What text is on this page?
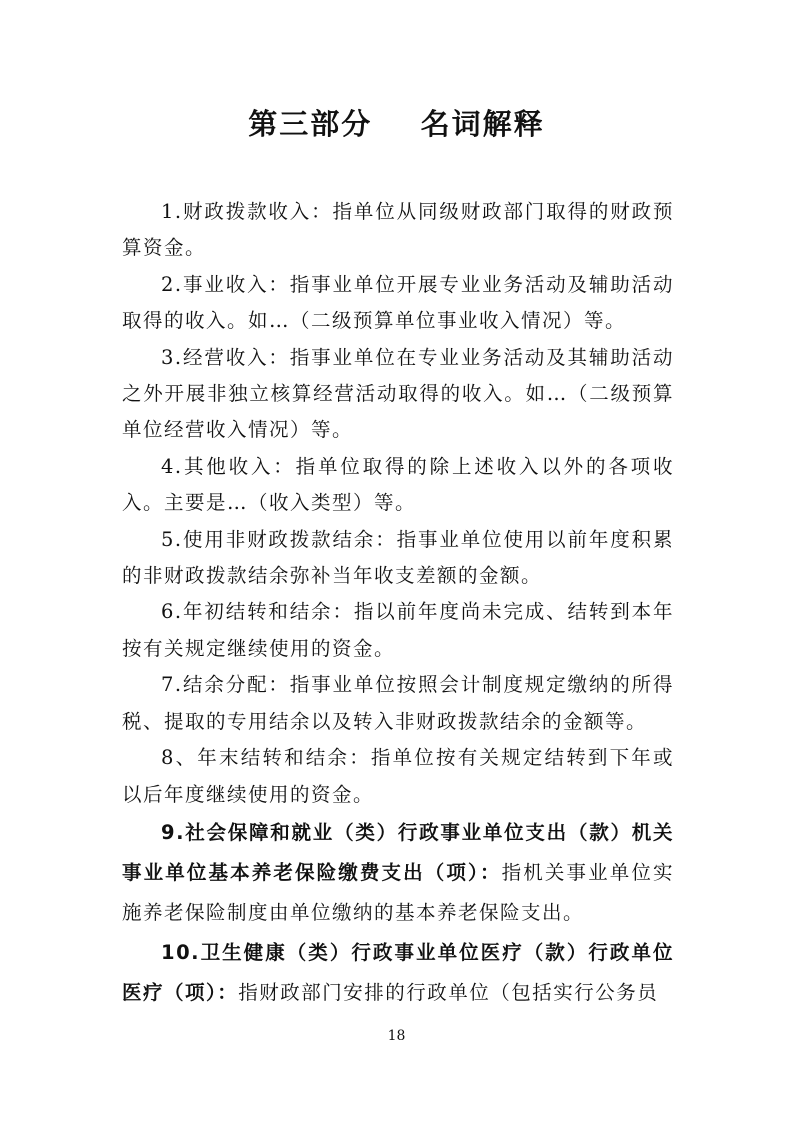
第三部分    名词解释

1.财政拨款收入：指单位从同级财政部门取得的财政预算资金。

2.事业收入：指事业单位开展专业业务活动及辅助活动取得的收入。如…（二级预算单位事业收入情况）等。

3.经营收入：指事业单位在专业业务活动及其辅助活动之外开展非独立核算经营活动取得的收入。如…（二级预算单位经营收入情况）等。

4.其他收入：指单位取得的除上述收入以外的各项收入。主要是…（收入类型）等。

5.使用非财政拨款结余：指事业单位使用以前年度积累的非财政拨款结余弥补当年收支差额的金额。

6.年初结转和结余：指以前年度尚未完成、结转到本年按有关规定继续使用的资金。

7.结余分配：指事业单位按照会计制度规定缴纳的所得税、提取的专用结余以及转入非财政拨款结余的金额等。

8、年末结转和结余：指单位按有关规定结转到下年或以后年度继续使用的资金。

9.社会保障和就业（类）行政事业单位支出（款）机关事业单位基本养老保险缴费支出（项）：指机关事业单位实施养老保险制度由单位缴纳的基本养老保险支出。

10.卫生健康（类）行政事业单位医疗（款）行政单位医疗（项）：指财政部门安排的行政单位（包括实行公务员

18
